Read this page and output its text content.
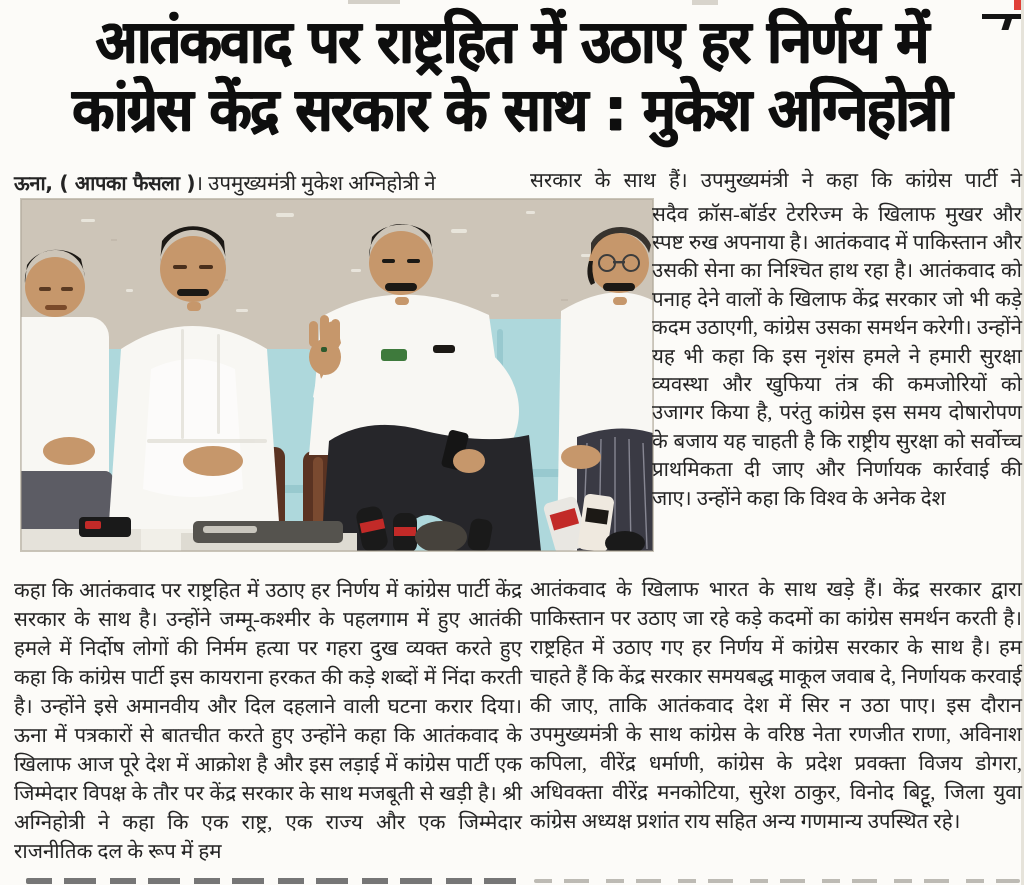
आतंकवाद पर राष्ट्रहित में उठाए हर निर्णय में
कांग्रेस केंद्र सरकार के साथ : मुकेश अग्निहोत्री

ऊना, ( आपका फैसला )। उपमुख्यमंत्री मुकेश अग्निहोत्री ने	सरकार के साथ हैं। उपमुख्यमंत्री ने कहा कि कांग्रेस पार्टी ने

सदैव क्रॉस-बॉर्डर टेररिज्म के खिलाफ मुखर और स्पष्ट रुख अपनाया है। आतंकवाद में पाकिस्तान और उसकी सेना का निश्चित हाथ रहा है। आतंकवाद को पनाह देने वालों के खिलाफ केंद्र सरकार जो भी कड़े कदम उठाएगी, कांग्रेस उसका समर्थन करेगी। उन्होंने यह भी कहा कि इस नृशंस हमले ने हमारी सुरक्षा व्यवस्था और खुफिया तंत्र की कमजोरियों को उजागर किया है, परंतु कांग्रेस इस समय दोषारोपण के बजाय यह चाहती है कि राष्ट्रीय सुरक्षा को सर्वोच्च प्राथमिकता दी जाए और निर्णायक कार्रवाई की जाए। उन्होंने कहा कि विश्व के अनेक देश

आतंकवाद के खिलाफ भारत के साथ खड़े हैं। केंद्र सरकार द्वारा पाकिस्तान पर उठाए जा रहे कड़े कदमों का कांग्रेस समर्थन करती है। राष्ट्रहित में उठाए गए हर निर्णय में कांग्रेस सरकार के साथ है। हम चाहते हैं कि केंद्र सरकार समयबद्ध माकूल जवाब दे, निर्णायक करवाई की जाए, ताकि आतंकवाद देश में सिर न उठा पाए। इस दौरान उपमुख्यमंत्री के साथ कांग्रेस के वरिष्ठ नेता रणजीत राणा, अविनाश कपिला, वीरेंद्र धर्माणी, कांग्रेस के प्रदेश प्रवक्ता विजय डोगरा, अधिवक्ता वीरेंद्र मनकोटिया, सुरेश ठाकुर, विनोद बिट्टू, जिला युवा कांग्रेस अध्यक्ष प्रशांत राय सहित अन्य गणमान्य उपस्थित रहे।

कहा कि आतंकवाद पर राष्ट्रहित में उठाए हर निर्णय में कांग्रेस पार्टी केंद्र सरकार के साथ है। उन्होंने जम्मू-कश्मीर के पहलगाम में हुए आतंकी हमले में निर्दोष लोगों की निर्मम हत्या पर गहरा दुख व्यक्त करते हुए कहा कि कांग्रेस पार्टी इस कायराना हरकत की कड़े शब्दों में निंदा करती है। उन्होंने इसे अमानवीय और दिल दहलाने वाली घटना करार दिया। ऊना में पत्रकारों से बातचीत करते हुए उन्होंने कहा कि आतंकवाद के खिलाफ आज पूरे देश में आक्रोश है और इस लड़ाई में कांग्रेस पार्टी एक जिम्मेदार विपक्ष के तौर पर केंद्र सरकार के साथ मजबूती से खड़ी है। श्री अग्निहोत्री ने कहा कि एक राष्ट्र, एक राज्य और एक जिम्मेदार राजनीतिक दल के रूप में हम
